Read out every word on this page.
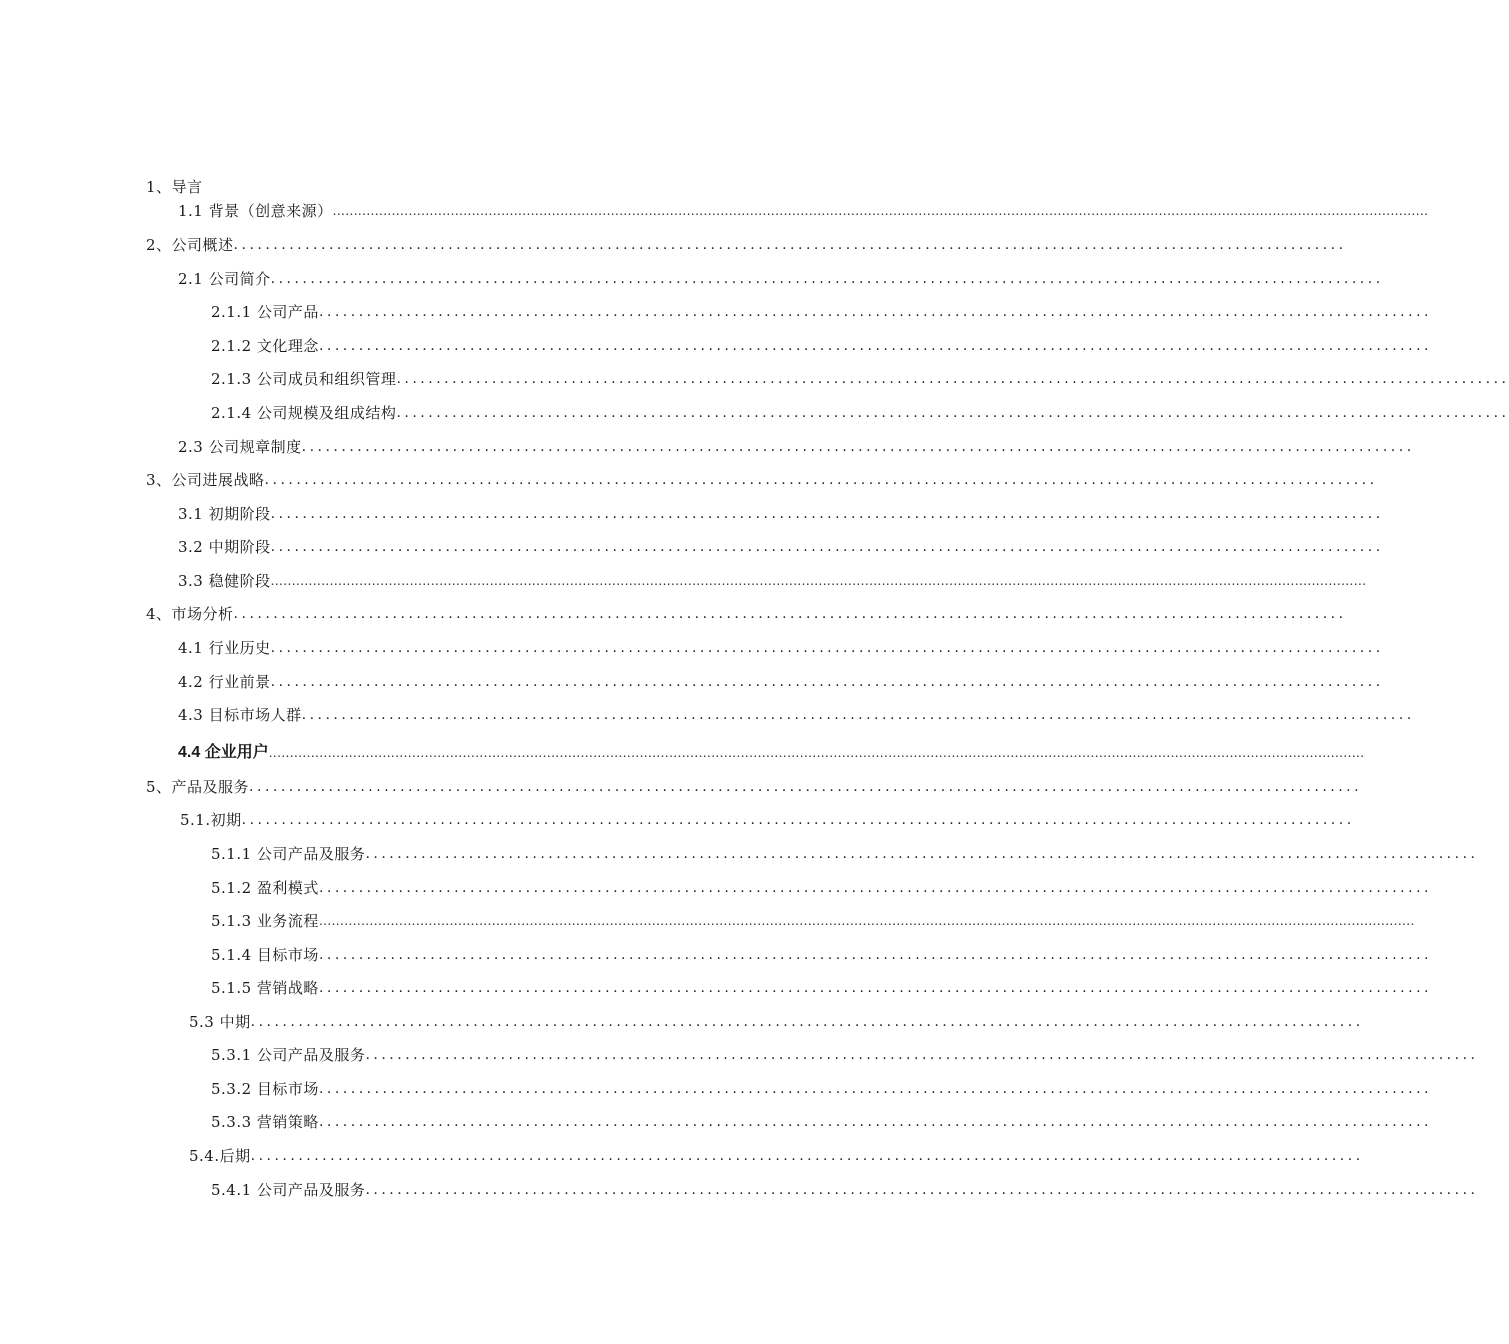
1、导言
1.1 背景（创意来源） ....................................................................................................................................................................................................................................................................
2、公司概述 ............................................................................................................................................
2.1 公司简介 ............................................................................................................................................
2.1.1 公司产品 ............................................................................................................................................
2.1.2 文化理念 ............................................................................................................................................
2.1.3 公司成员和组织管理 ............................................................................................................................................
2.1.4 公司规模及组成结构 ............................................................................................................................................
2.3 公司规章制度 ............................................................................................................................................
3、公司进展战略 ............................................................................................................................................
3.1 初期阶段 ............................................................................................................................................
3.2 中期阶段 ............................................................................................................................................
3.3 稳健阶段 ....................................................................................................................................................................................................................................................................
4、市场分析 ............................................................................................................................................
4.1 行业历史 ............................................................................................................................................
4.2 行业前景 ............................................................................................................................................
4.3 目标市场人群 ............................................................................................................................................
4.4 企业用户 ....................................................................................................................................................................................................................................................................
5、产品及服务 ............................................................................................................................................
5.1.初期 ............................................................................................................................................
5.1.1 公司产品及服务 ............................................................................................................................................
5.1.2 盈利模式 ............................................................................................................................................
5.1.3 业务流程 ....................................................................................................................................................................................................................................................................
5.1.4 目标市场 ............................................................................................................................................
5.1.5 营销战略 ............................................................................................................................................
5.3 中期 ............................................................................................................................................
5.3.1 公司产品及服务 ............................................................................................................................................
5.3.2 目标市场 ............................................................................................................................................
5.3.3 营销策略 ............................................................................................................................................
5.4.后期 ............................................................................................................................................
5.4.1 公司产品及服务 ............................................................................................................................................
